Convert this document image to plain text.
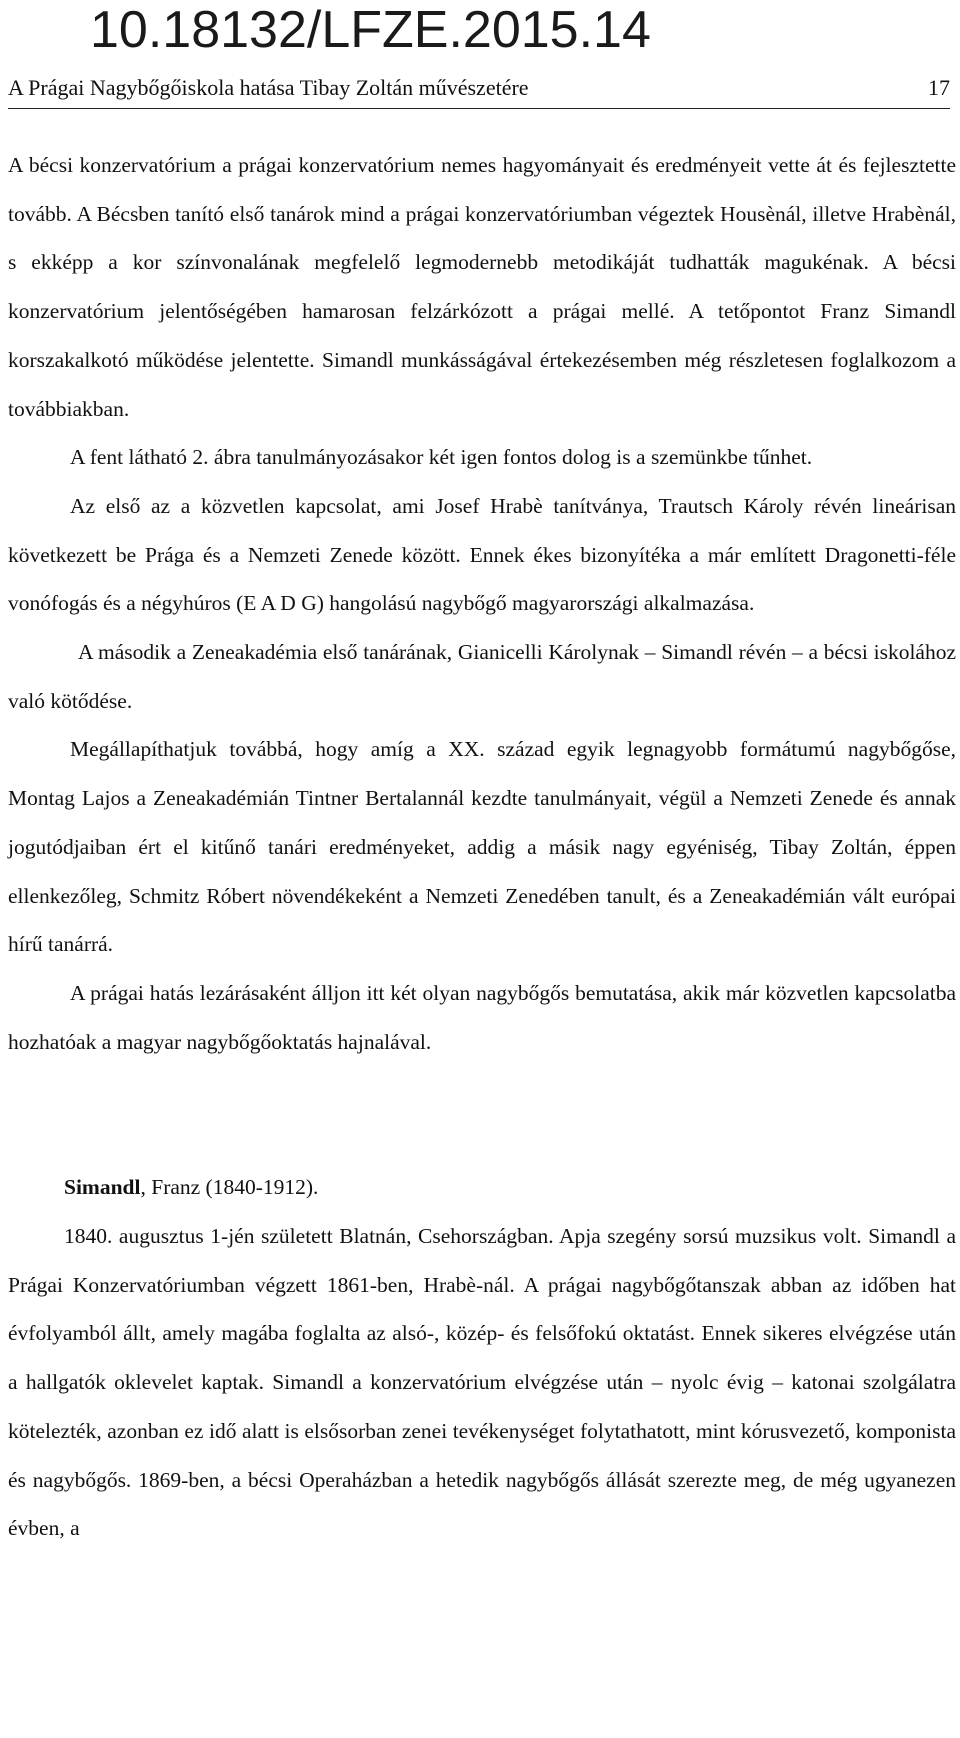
10.18132/LFZE.2015.14
A Prágai Nagybőgőiskola hatása Tibay Zoltán művészetére	17

A bécsi konzervatórium a prágai konzervatórium nemes hagyományait és eredményeit vette át és fejlesztette tovább. A Bécsben tanító első tanárok mind a prágai konzervatóriumban végeztek Housènál, illetve Hrabènál, s ekképp a kor színvonalának megfelelő legmodernebb metodikáját tudhatták magukénak. A bécsi konzervatórium jelentőségében hamarosan felzárkózott a prágai mellé. A tetőpontot Franz Simandl korszakalkotó működése jelentette. Simandl munkásságával értekezésemben még részletesen foglalkozom a továbbiakban.

A fent látható 2. ábra tanulmányozásakor két igen fontos dolog is a szemünkbe tűnhet.

Az első az a közvetlen kapcsolat, ami Josef Hrabè tanítványa, Trautsch Károly révén lineárisan következett be Prága és a Nemzeti Zenede között. Ennek ékes bizonyítéka a már említett Dragonetti-féle vonófogás és a négyhúros (E A D G) hangolású nagybőgő magyarországi alkalmazása.

A második a Zeneakadémia első tanárának, Gianicelli Károlynak – Simandl révén – a bécsi iskolához való kötődése.

Megállapíthatjuk továbbá, hogy amíg a XX. század egyik legnagyobb formátumú nagybőgőse, Montag Lajos a Zeneakadémián Tintner Bertalannál kezdte tanulmányait, végül a Nemzeti Zenede és annak jogutódjaiban ért el kitűnő tanári eredményeket, addig a másik nagy egyéniség, Tibay Zoltán, éppen ellenkezőleg, Schmitz Róbert növendékeként a Nemzeti Zenedében tanult, és a Zeneakadémián vált európai hírű tanárrá.

A prágai hatás lezárásaként álljon itt két olyan nagybőgős bemutatása, akik már közvetlen kapcsolatba hozhatóak a magyar nagybőgőoktatás hajnalával.

Simandl, Franz (1840-1912).

1840. augusztus 1-jén született Blatnán, Csehországban. Apja szegény sorsú muzsikus volt. Simandl a Prágai Konzervatóriumban végzett 1861-ben, Hrabè-nál. A prágai nagybőgőtanszak abban az időben hat évfolyamból állt, amely magába foglalta az alsó-, közép- és felsőfokú oktatást. Ennek sikeres elvégzése után a hallgatók oklevelet kaptak. Simandl a konzervatórium elvégzése után – nyolc évig – katonai szolgálatra kötelezték, azonban ez idő alatt is elsősorban zenei tevékenységet folytathatott, mint kórusvezető, komponista és nagybőgős. 1869-ben, a bécsi Operaházban a hetedik nagybőgős állását szerezte meg, de még ugyanezen évben, a
